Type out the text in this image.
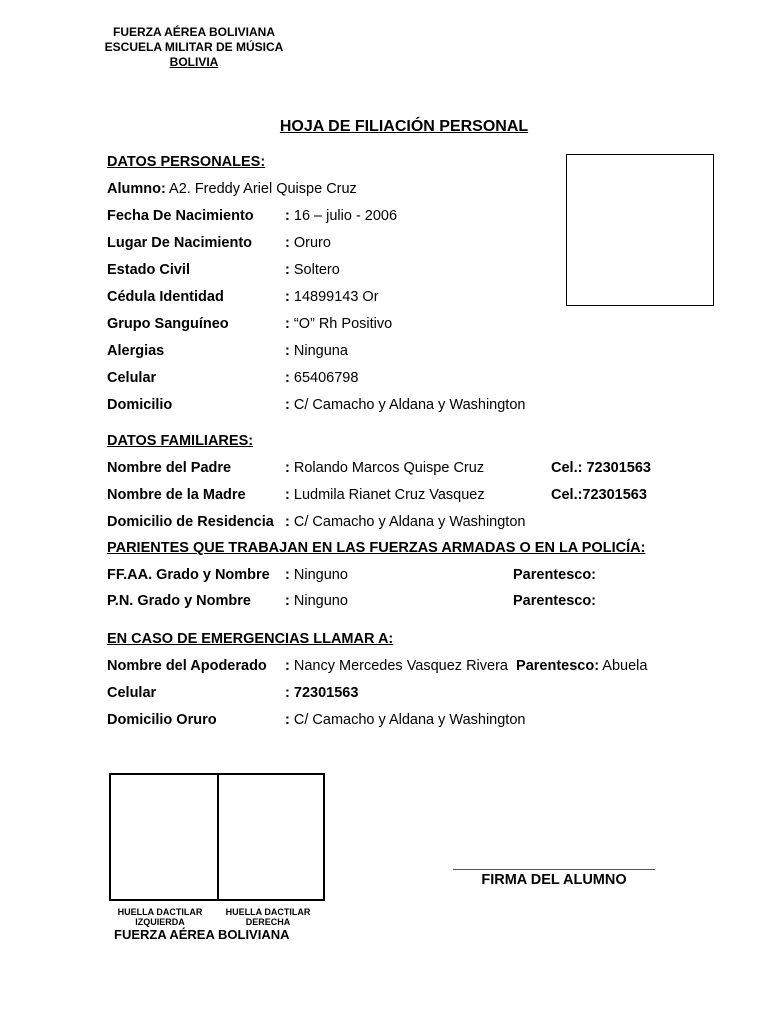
FUERZA AÉREA BOLIVIANA
ESCUELA MILITAR DE MÚSICA
BOLIVIA
HOJA DE FILIACIÓN PERSONAL
DATOS PERSONALES:
Alumno: A2. Freddy Ariel Quispe Cruz
Fecha De Nacimiento : 16 – julio - 2006
Lugar De Nacimiento : Oruro
Estado Civil	: Soltero
Cédula Identidad	: 14899143 Or
Grupo Sanguíneo	: “O” Rh Positivo
Alergias	: Ninguna
Celular	: 65406798
Domicilio	: C/ Camacho y Aldana y Washington
DATOS FAMILIARES:
Nombre del Padre	: Rolando Marcos Quispe Cruz	Cel.: 72301563
Nombre de la Madre	: Ludmila Rianet Cruz Vasquez	Cel.:72301563
Domicilio de Residencia : C/ Camacho y Aldana y Washington
PARIENTES QUE TRABAJAN EN LAS FUERZAS ARMADAS O EN LA POLICÍA:
FF.AA. Grado y Nombre : Ninguno	Parentesco:
P.N. Grado y Nombre : Ninguno	Parentesco:
EN CASO DE EMERGENCIAS LLAMAR A:
Nombre del Apoderado : Nancy Mercedes Vasquez Rivera Parentesco: Abuela
Celular	: 72301563
Domicilio Oruro	: C/ Camacho y Aldana y Washington
HUELLA DACTILAR
IZQUIERDA
HUELLA DACTILAR
DERECHA
FIRMA DEL ALUMNO
FUERZA AÉREA BOLIVIANA
